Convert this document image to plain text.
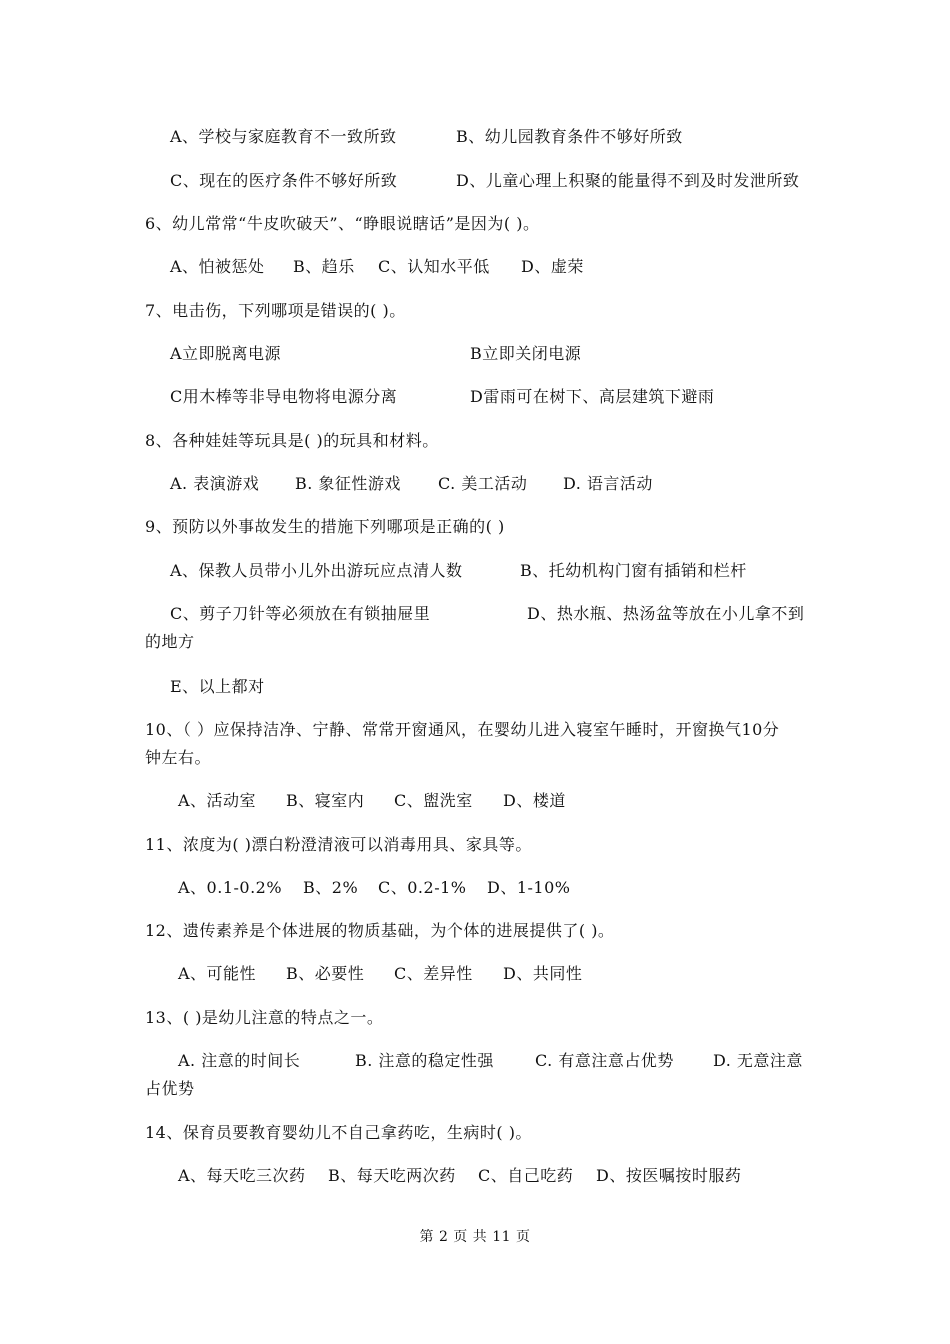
A、学校与家庭教育不一致所致	B、幼儿园教育条件不够好所致
C、现在的医疗条件不够好所致	D、儿童心理上积聚的能量得不到及时发泄所致
6、幼儿常常“牛皮吹破天”、“睁眼说瞎话”是因为( )。
A、怕被惩处 B、趋乐 C、认知水平低 D、虚荣
7、电击伤，下列哪项是错误的( )。
A立即脱离电源	B立即关闭电源
C用木棒等非导电物将电源分离	D雷雨可在树下、高层建筑下避雨
8、各种娃娃等玩具是( )的玩具和材料。
A. 表演游戏 B. 象征性游戏 C. 美工活动 D. 语言活动
9、预防以外事故发生的措施下列哪项是正确的( )
A、保教人员带小儿外出游玩应点清人数	B、托幼机构门窗有插销和栏杆
C、剪子刀针等必须放在有锁抽屉里	D、热水瓶、热汤盆等放在小儿拿不到
的地方
E、以上都对
10、（ ）应保持洁净、宁静、常常开窗通风，在婴幼儿进入寝室午睡时，开窗换气10分
钟左右。
A、活动室 B、寝室内 C、盥洗室 D、楼道
11、浓度为( )漂白粉澄清液可以消毒用具、家具等。
A、0.1-0.2% B、2% C、0.2-1% D、1-10%
12、遗传素养是个体进展的物质基础，为个体的进展提供了( )。
A、可能性 B、必要性 C、差异性 D、共同性
13、( )是幼儿注意的特点之一。
A. 注意的时间长	B. 注意的稳定性强	C. 有意注意占优势 D. 无意注意
占优势
14、保育员要教育婴幼儿不自己拿药吃，生病时( )。
A、每天吃三次药 B、每天吃两次药 C、自己吃药 D、按医嘱按时服药
第 2 页 共 11 页
